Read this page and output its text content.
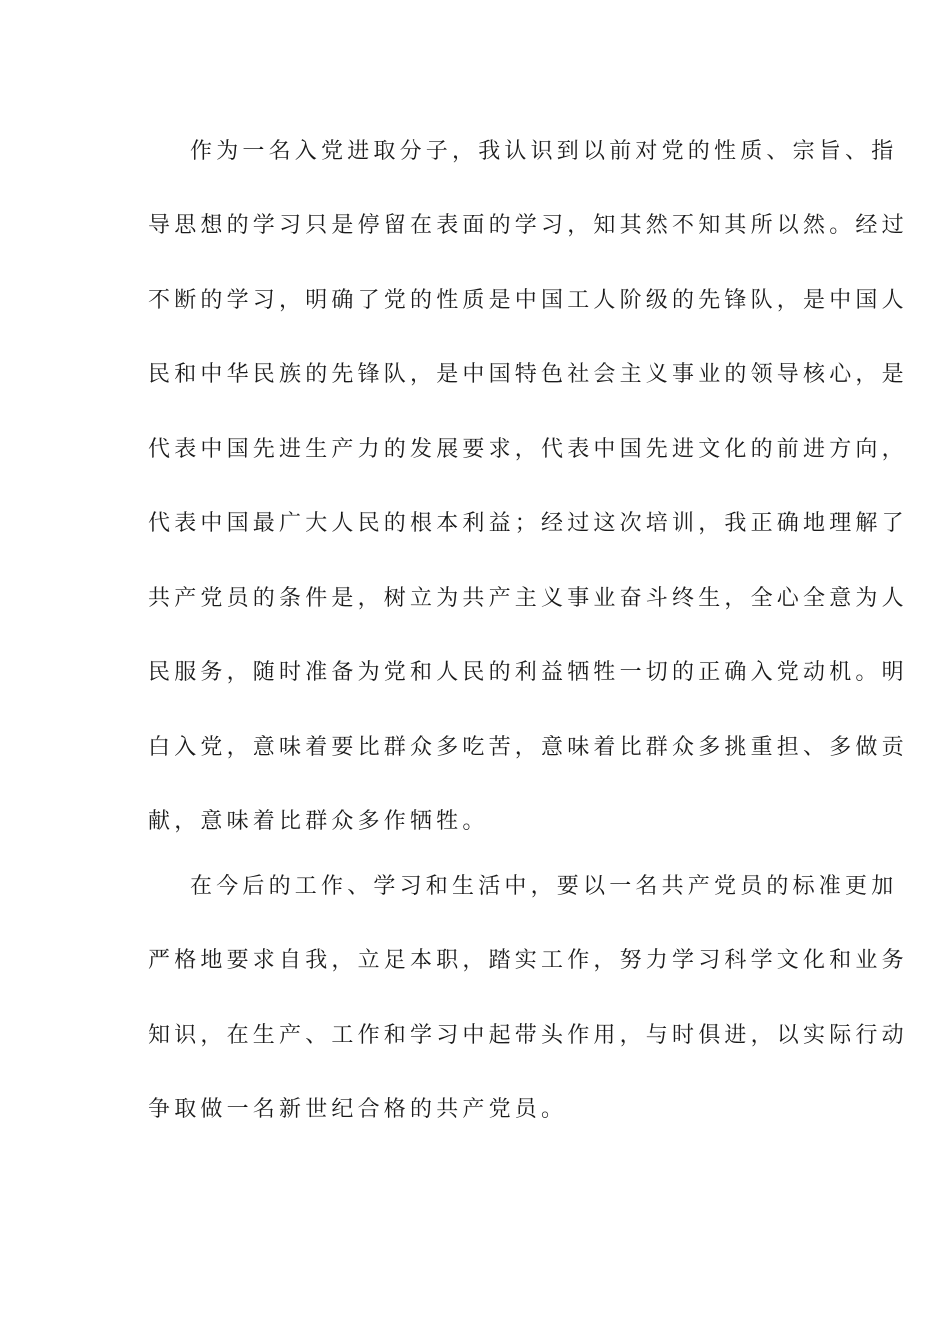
作为一名入党进取分子，我认识到以前对党的性质、宗旨、指
导思想的学习只是停留在表面的学习，知其然不知其所以然。经过
不断的学习，明确了党的性质是中国工人阶级的先锋队，是中国人
民和中华民族的先锋队，是中国特色社会主义事业的领导核心，是
代表中国先进生产力的发展要求，代表中国先进文化的前进方向，
代表中国最广大人民的根本利益；经过这次培训，我正确地理解了
共产党员的条件是，树立为共产主义事业奋斗终生，全心全意为人
民服务，随时准备为党和人民的利益牺牲一切的正确入党动机。明
白入党，意味着要比群众多吃苦，意味着比群众多挑重担、多做贡
献，意味着比群众多作牺牲。
在今后的工作、学习和生活中，要以一名共产党员的标准更加
严格地要求自我，立足本职，踏实工作，努力学习科学文化和业务
知识，在生产、工作和学习中起带头作用，与时俱进，以实际行动
争取做一名新世纪合格的共产党员。
